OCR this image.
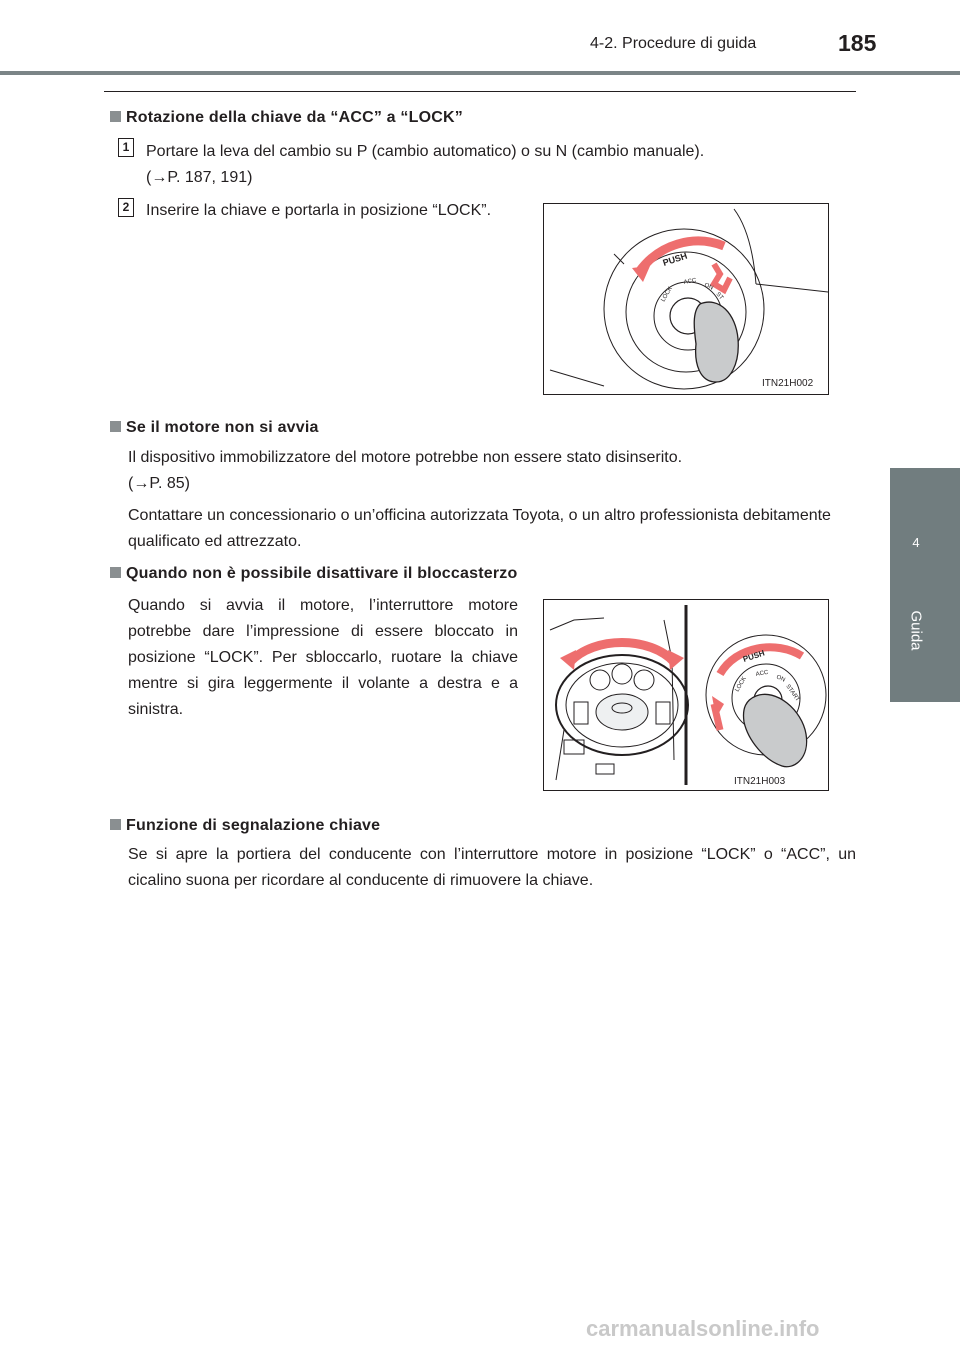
4-2. Procedure di guida	185
4
Guida
Rotazione della chiave da “ACC” a “LOCK”
1 Portare la leva del cambio su P (cambio automatico) o su N (cambio manuale).
(→P. 187, 191)
2 Inserire la chiave e portarla in posizione “LOCK”.
PUSH
LOCK
ACC
ON
ST
ITN21H002
Se il motore non si avvia
Il dispositivo immobilizzatore del motore potrebbe non essere stato disinserito.
(→P. 85)
Contattare un concessionario o un’officina autorizzata Toyota, o un altro professionista debitamente qualificato ed attrezzato.
Quando non è possibile disattivare il bloccasterzo
Quando si avvia il motore, l’interruttore motore potrebbe dare l’impressione di essere bloccato in posizione “LOCK”. Per sbloccarlo, ruotare la chiave mentre si gira leggermente il volante a destra e a sinistra.
PUSH
LOCK
ACC
ON
START
ITN21H003
Funzione di segnalazione chiave
Se si apre la portiera del conducente con l’interruttore motore in posizione “LOCK” o “ACC”, un cicalino suona per ricordare al conducente di rimuovere la chiave.
carmanualsonline.info
